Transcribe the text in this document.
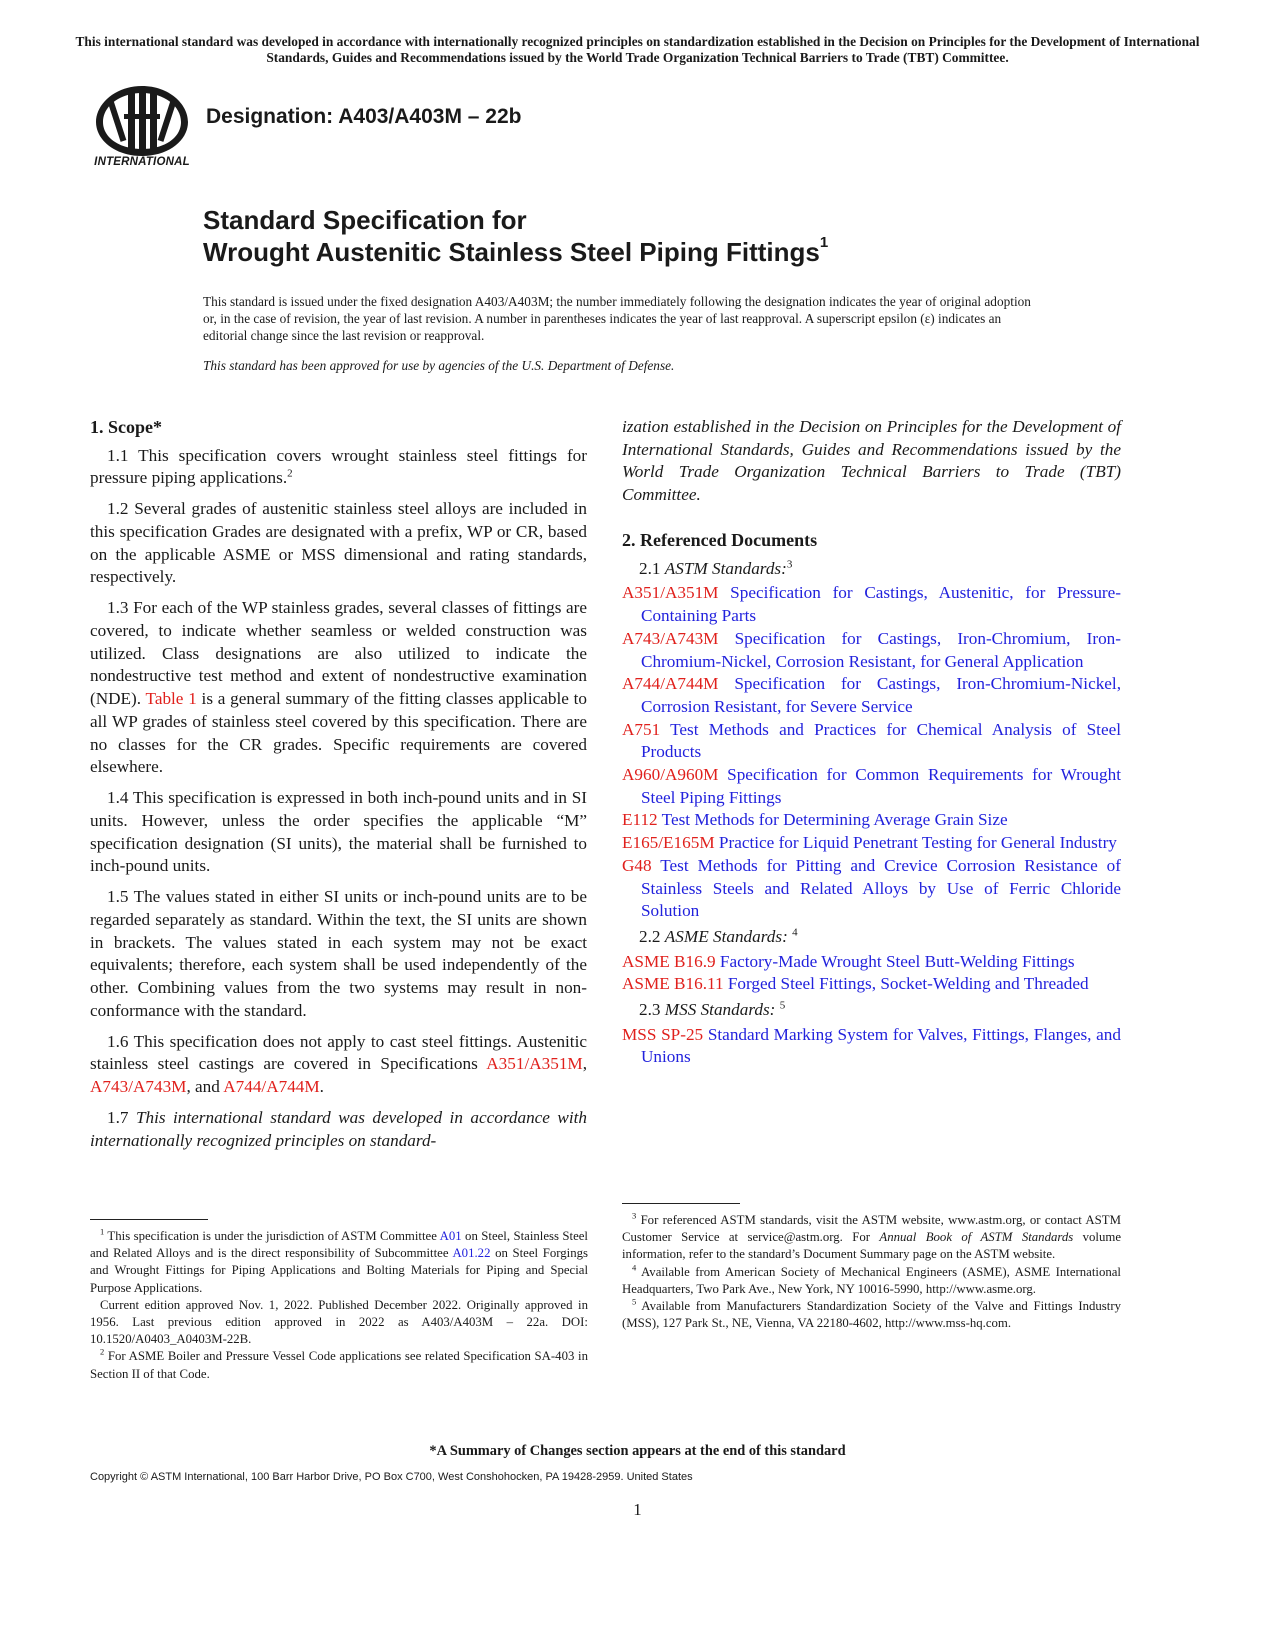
This international standard was developed in accordance with internationally recognized principles on standardization established in the Decision on Principles for the Development of International Standards, Guides and Recommendations issued by the World Trade Organization Technical Barriers to Trade (TBT) Committee.
INTERNATIONAL
Designation: A403/A403M – 22b
Standard Specification for
Wrought Austenitic Stainless Steel Piping Fittings$^1$
This standard is issued under the fixed designation A403/A403M; the number immediately following the designation indicates the year of original adoption or, in the case of revision, the year of last revision. A number in parentheses indicates the year of last reapproval. A superscript epsilon (ε) indicates an editorial change since the last revision or reapproval.
This standard has been approved for use by agencies of the U.S. Department of Defense.
1. Scope*

1.1 This specification covers wrought stainless steel fittings for pressure piping applications.$^2$

1.2 Several grades of austenitic stainless steel alloys are included in this specification Grades are designated with a prefix, WP or CR, based on the applicable ASME or MSS dimensional and rating standards, respectively.

1.3 For each of the WP stainless grades, several classes of fittings are covered, to indicate whether seamless or welded construction was utilized. Class designations are also utilized to indicate the nondestructive test method and extent of nondestructive examination (NDE). Table 1 is a general summary of the fitting classes applicable to all WP grades of stainless steel covered by this specification. There are no classes for the CR grades. Specific requirements are covered elsewhere.

1.4 This specification is expressed in both inch-pound units and in SI units. However, unless the order specifies the applicable “M” specification designation (SI units), the material shall be furnished to inch-pound units.

1.5 The values stated in either SI units or inch-pound units are to be regarded separately as standard. Within the text, the SI units are shown in brackets. The values stated in each system may not be exact equivalents; therefore, each system shall be used independently of the other. Combining values from the two systems may result in non-conformance with the standard.

1.6 This specification does not apply to cast steel fittings. Austenitic stainless steel castings are covered in Specifications A351/A351M, A743/A743M, and A744/A744M.

1.7 This international standard was developed in accordance with internationally recognized principles on standard-

ization established in the Decision on Principles for the Development of International Standards, Guides and Recommendations issued by the World Trade Organization Technical Barriers to Trade (TBT) Committee.

2. Referenced Documents
2.1 ASTM Standards:$^3$
A351/A351M Specification for Castings, Austenitic, for Pressure-Containing Parts
A743/A743M Specification for Castings, Iron-Chromium, Iron-Chromium-Nickel, Corrosion Resistant, for General Application
A744/A744M Specification for Castings, Iron-Chromium-Nickel, Corrosion Resistant, for Severe Service
A751 Test Methods and Practices for Chemical Analysis of Steel Products
A960/A960M Specification for Common Requirements for Wrought Steel Piping Fittings
E112 Test Methods for Determining Average Grain Size
E165/E165M Practice for Liquid Penetrant Testing for General Industry
G48 Test Methods for Pitting and Crevice Corrosion Resistance of Stainless Steels and Related Alloys by Use of Ferric Chloride Solution
2.2 ASME Standards: $^4$
ASME B16.9 Factory-Made Wrought Steel Butt-Welding Fittings
ASME B16.11 Forged Steel Fittings, Socket-Welding and Threaded
2.3 MSS Standards: $^5$
MSS SP-25 Standard Marking System for Valves, Fittings, Flanges, and Unions

$^1$ This specification is under the jurisdiction of ASTM Committee A01 on Steel, Stainless Steel and Related Alloys and is the direct responsibility of Subcommittee A01.22 on Steel Forgings and Wrought Fittings for Piping Applications and Bolting Materials for Piping and Special Purpose Applications.

Current edition approved Nov. 1, 2022. Published December 2022. Originally approved in 1956. Last previous edition approved in 2022 as A403/A403M – 22a. DOI: 10.1520/A0403_A0403M-22B.

$^2$ For ASME Boiler and Pressure Vessel Code applications see related Specification SA-403 in Section II of that Code.

$^3$ For referenced ASTM standards, visit the ASTM website, www.astm.org, or contact ASTM Customer Service at service@astm.org. For Annual Book of ASTM Standards volume information, refer to the standard’s Document Summary page on the ASTM website.

$^4$ Available from American Society of Mechanical Engineers (ASME), ASME International Headquarters, Two Park Ave., New York, NY 10016-5990, http://www.asme.org.

$^5$ Available from Manufacturers Standardization Society of the Valve and Fittings Industry (MSS), 127 Park St., NE, Vienna, VA 22180-4602, http://www.mss-hq.com.

*A Summary of Changes section appears at the end of this standard
Copyright © ASTM International, 100 Barr Harbor Drive, PO Box C700, West Conshohocken, PA 19428-2959. United States
1
